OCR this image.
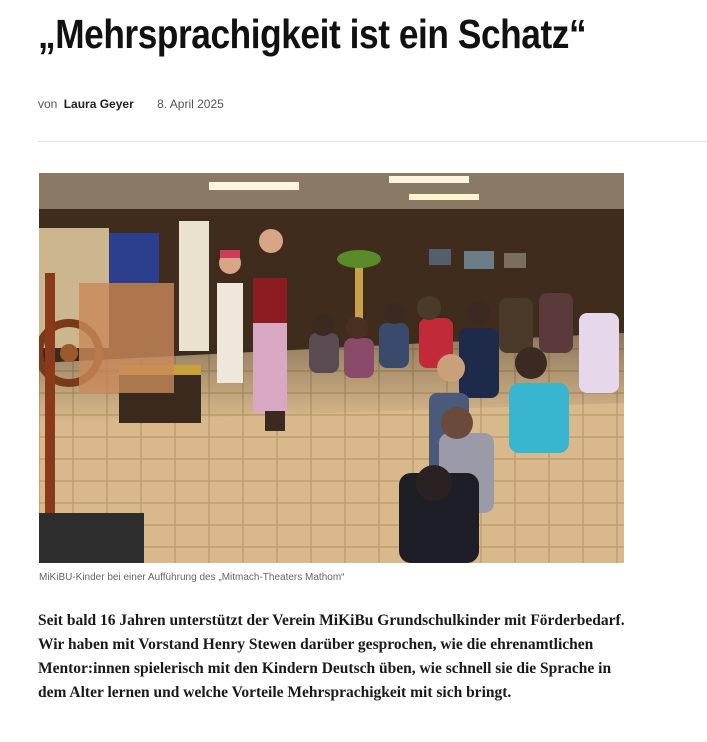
„Mehrsprachigkeit ist ein Schatz“
von Laura Geyer 8. April 2025
MiKiBU-Kinder bei einer Aufführung des „Mitmach-Theaters Mathom“

Seit bald 16 Jahren unterstützt der Verein MiKiBu Grundschulkinder mit Förderbedarf. Wir haben mit Vorstand Henry Stewen darüber gesprochen, wie die ehrenamtlichen Mentor:innen spielerisch mit den Kindern Deutsch üben, wie schnell sie die Sprache in dem Alter lernen und welche Vorteile Mehrsprachigkeit mit sich bringt.
